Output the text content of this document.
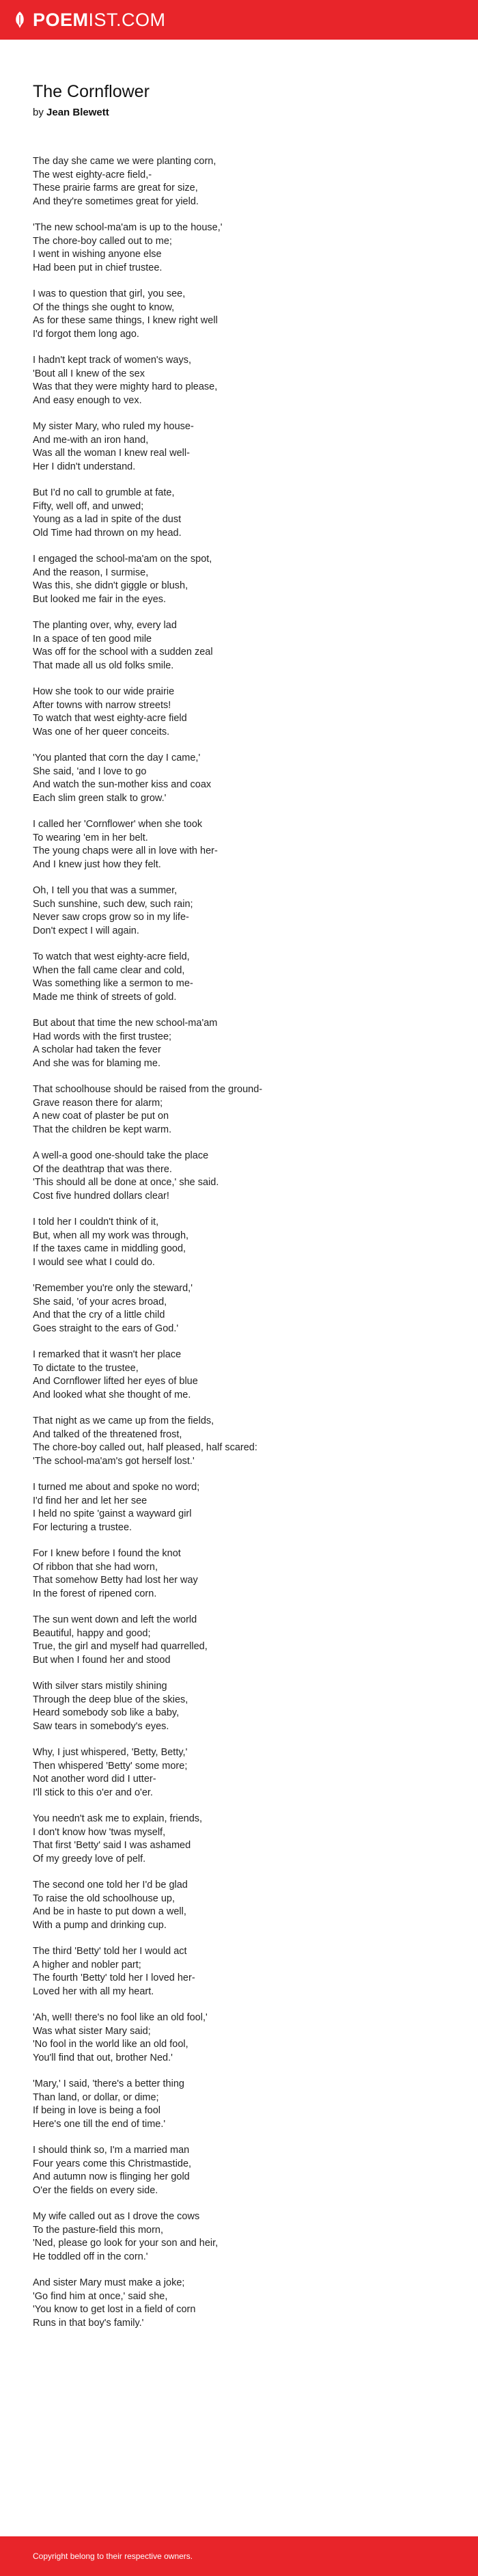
POEMIST.COM
The Cornflower
by Jean Blewett
The day she came we were planting corn,
The west eighty-acre field,-
These prairie farms are great for size,
And they're sometimes great for yield.
'The new school-ma'am is up to the house,'
The chore-boy called out to me;
I went in wishing anyone else
Had been put in chief trustee.
I was to question that girl, you see,
Of the things she ought to know,
As for these same things, I knew right well
I'd forgot them long ago.
I hadn't kept track of women's ways,
'Bout all I knew of the sex
Was that they were mighty hard to please,
And easy enough to vex.
My sister Mary, who ruled my house-
And me-with an iron hand,
Was all the woman I knew real well-
Her I didn't understand.
But I'd no call to grumble at fate,
Fifty, well off, and unwed;
Young as a lad in spite of the dust
Old Time had thrown on my head.
I engaged the school-ma'am on the spot,
And the reason, I surmise,
Was this, she didn't giggle or blush,
But looked me fair in the eyes.
The planting over, why, every lad
In a space of ten good mile
Was off for the school with a sudden zeal
That made all us old folks smile.
How she took to our wide prairie
After towns with narrow streets!
To watch that west eighty-acre field
Was one of her queer conceits.
'You planted that corn the day I came,'
She said, 'and I love to go
And watch the sun-mother kiss and coax
Each slim green stalk to grow.'
I called her 'Cornflower' when she took
To wearing 'em in her belt.
The young chaps were all in love with her-
And I knew just how they felt.
Oh, I tell you that was a summer,
Such sunshine, such dew, such rain;
Never saw crops grow so in my life-
Don't expect I will again.
To watch that west eighty-acre field,
When the fall came clear and cold,
Was something like a sermon to me-
Made me think of streets of gold.
But about that time the new school-ma'am
Had words with the first trustee;
A scholar had taken the fever
And she was for blaming me.
That schoolhouse should be raised from the ground-
Grave reason there for alarm;
A new coat of plaster be put on
That the children be kept warm.
A well-a good one-should take the place
Of the deathtrap that was there.
'This should all be done at once,' she said.
Cost five hundred dollars clear!
I told her I couldn't think of it,
But, when all my work was through,
If the taxes came in middling good,
I would see what I could do.
'Remember you're only the steward,'
She said, 'of your acres broad,
And that the cry of a little child
Goes straight to the ears of God.'
I remarked that it wasn't her place
To dictate to the trustee,
And Cornflower lifted her eyes of blue
And looked what she thought of me.
That night as we came up from the fields,
And talked of the threatened frost,
The chore-boy called out, half pleased, half scared:
'The school-ma'am's got herself lost.'
I turned me about and spoke no word;
I'd find her and let her see
I held no spite 'gainst a wayward girl
For lecturing a trustee.
For I knew before I found the knot
Of ribbon that she had worn,
That somehow Betty had lost her way
In the forest of ripened corn.
The sun went down and left the world
Beautiful, happy and good;
True, the girl and myself had quarrelled,
But when I found her and stood
With silver stars mistily shining
Through the deep blue of the skies,
Heard somebody sob like a baby,
Saw tears in somebody's eyes.
Why, I just whispered, 'Betty, Betty,'
Then whispered 'Betty' some more;
Not another word did I utter-
I'll stick to this o'er and o'er.
You needn't ask me to explain, friends,
I don't know how 'twas myself,
That first 'Betty' said I was ashamed
Of my greedy love of pelf.
The second one told her I'd be glad
To raise the old schoolhouse up,
And be in haste to put down a well,
With a pump and drinking cup.
The third 'Betty' told her I would act
A higher and nobler part;
The fourth 'Betty' told her I loved her-
Loved her with all my heart.
'Ah, well! there's no fool like an old fool,'
Was what sister Mary said;
'No fool in the world like an old fool,
You'll find that out, brother Ned.'
'Mary,' I said, 'there's a better thing
Than land, or dollar, or dime;
If being in love is being a fool
Here's one till the end of time.'
I should think so, I'm a married man
Four years come this Christmastide,
And autumn now is flinging her gold
O'er the fields on every side.
My wife called out as I drove the cows
To the pasture-field this morn,
'Ned, please go look for your son and heir,
He toddled off in the corn.'
And sister Mary must make a joke;
'Go find him at once,' said she,
'You know to get lost in a field of corn
Runs in that boy's family.'
Copyright belong to their respective owners.
